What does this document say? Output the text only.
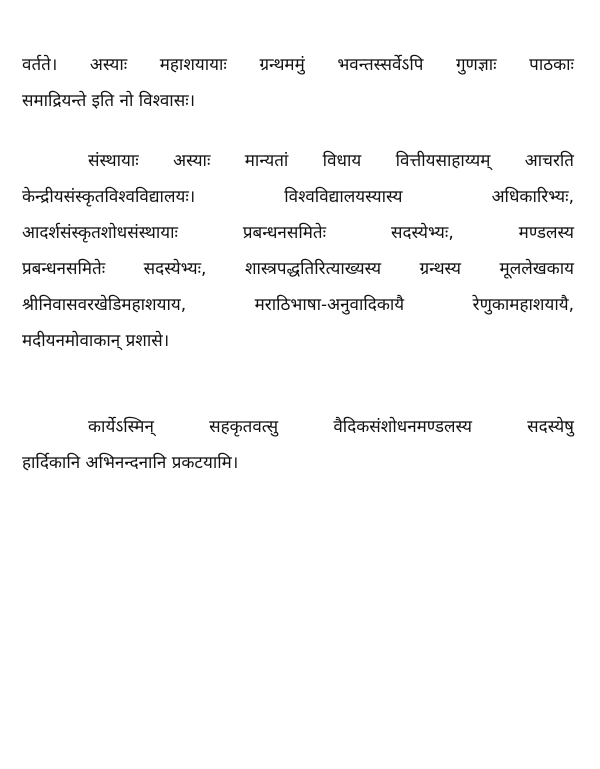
वर्तते। अस्याः महाशयायाः ग्रन्थममुं भवन्तस्सर्वेऽपि गुणज्ञाः पाठकाः
समाद्रियन्ते इति नो विश्वासः।
संस्थायाः अस्याः मान्यतां विधाय वित्तीयसाहाय्यम् आचरति
केन्द्रीयसंस्कृतविश्वविद्यालयः। विश्वविद्यालयस्यास्य अधिकारिभ्यः,
आदर्शसंस्कृतशोधसंस्थायाः प्रबन्धनसमितेः सदस्येभ्यः, मण्डलस्य
प्रबन्धनसमितेः सदस्येभ्यः, शास्त्रपद्धतिरित्याख्यस्य ग्रन्थस्य मूललेखकाय
श्रीनिवासवरखेडिमहाशयाय, मराठिभाषा-अनुवादिकायै रेणुकामहाशयायै,
मदीयनमोवाकान् प्रशासे।
कार्येऽस्मिन् सहकृतवत्सु वैदिकसंशोधनमण्डलस्य सदस्येषु
हार्दिकानि अभिनन्दनानि प्रकटयामि।
